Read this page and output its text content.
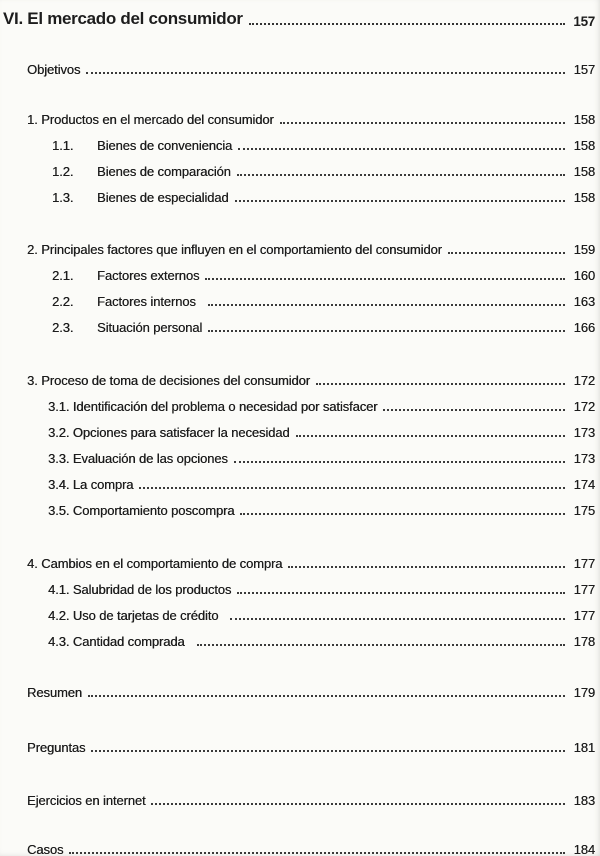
VI. El mercado del consumidor	157
Objetivos	157
1. Productos en el mercado del consumidor	158
1.1.	Bienes de conveniencia	158
1.2.	Bienes de comparación	158
1.3.	Bienes de especialidad	158
2. Principales factores que influyen en el comportamiento del consumidor	159
2.1.	Factores externos	160
2.2.	Factores internos	163
2.3.	Situación personal	166
3. Proceso de toma de decisiones del consumidor	172
3.1. Identificación del problema o necesidad por satisfacer	172
3.2. Opciones para satisfacer la necesidad	173
3.3. Evaluación de las opciones	173
3.4. La compra	174
3.5. Comportamiento poscompra	175
4. Cambios en el comportamiento de compra	177
4.1. Salubridad de los productos	177
4.2. Uso de tarjetas de crédito	177
4.3. Cantidad comprada	178
Resumen	179
Preguntas	181
Ejercicios en internet	183
Casos	184
